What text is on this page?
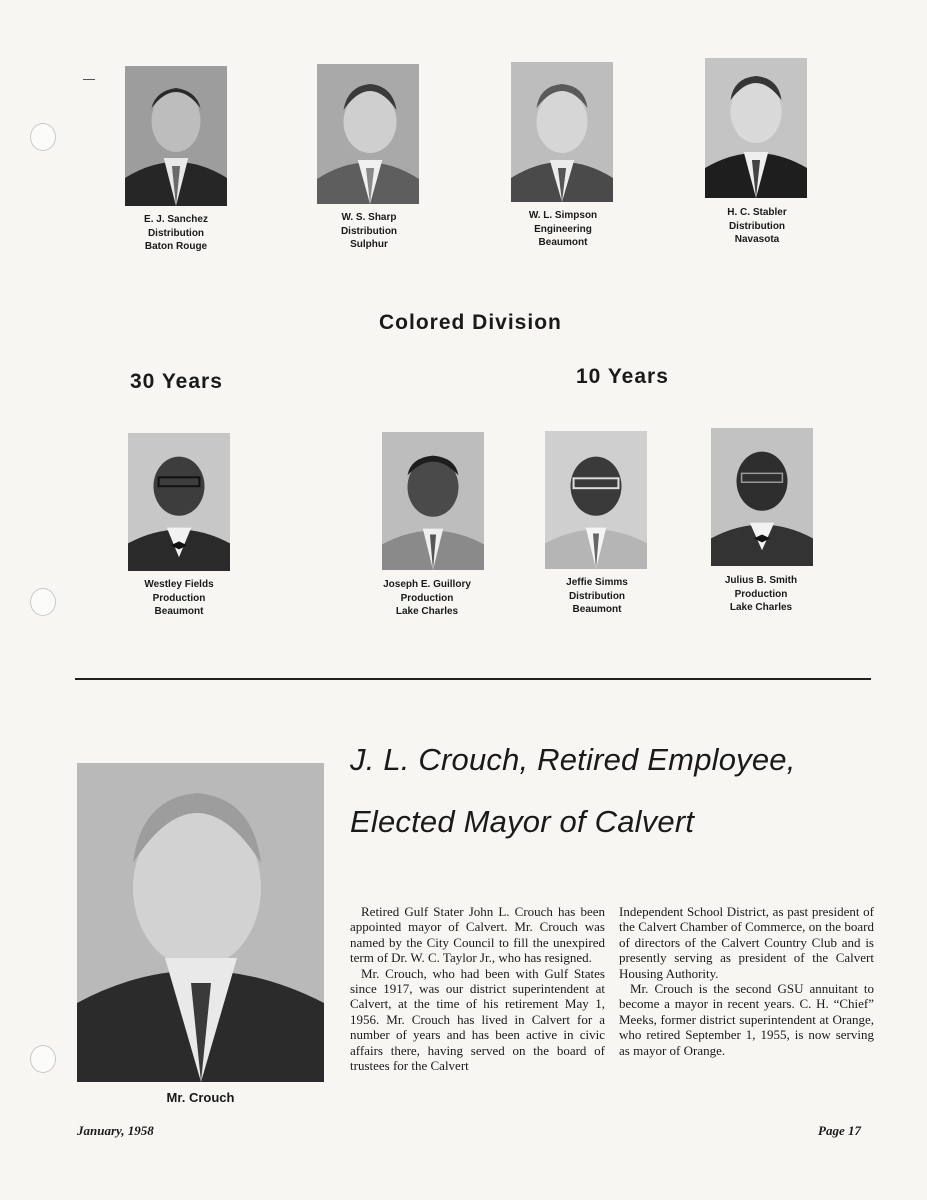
E. J. Sanchez
Distribution
Baton Rouge
W. S. Sharp
Distribution
Sulphur
W. L. Simpson
Engineering
Beaumont
H. C. Stabler
Distribution
Navasota
Colored Division
30 Years	10 Years
Westley Fields
Production
Beaumont
Joseph E. Guillory
Production
Lake Charles
Jeffie Simms
Distribution
Beaumont
Julius B. Smith
Production
Lake Charles
J. L. Crouch, Retired Employee,
Elected Mayor of Calvert
Mr. Crouch

Retired Gulf Stater John L. Crouch has been appointed mayor of Calvert. Mr. Crouch was named by the City Council to fill the unexpired term of Dr. W. C. Taylor Jr., who has resigned.

Mr. Crouch, who had been with Gulf States since 1917, was our district superintendent at Calvert, at the time of his retirement May 1, 1956. Mr. Crouch has lived in Calvert for a number of years and has been active in civic affairs there, having served on the board of trustees for the Calvert

Independent School District, as past president of the Calvert Chamber of Commerce, on the board of directors of the Calvert Country Club and is presently serving as president of the Calvert Housing Authority.

Mr. Crouch is the second GSU annuitant to become a mayor in recent years. C. H. “Chief” Meeks, former district superintendent at Orange, who retired September 1, 1955, is now serving as mayor of Orange.

January, 1958	Page 17
